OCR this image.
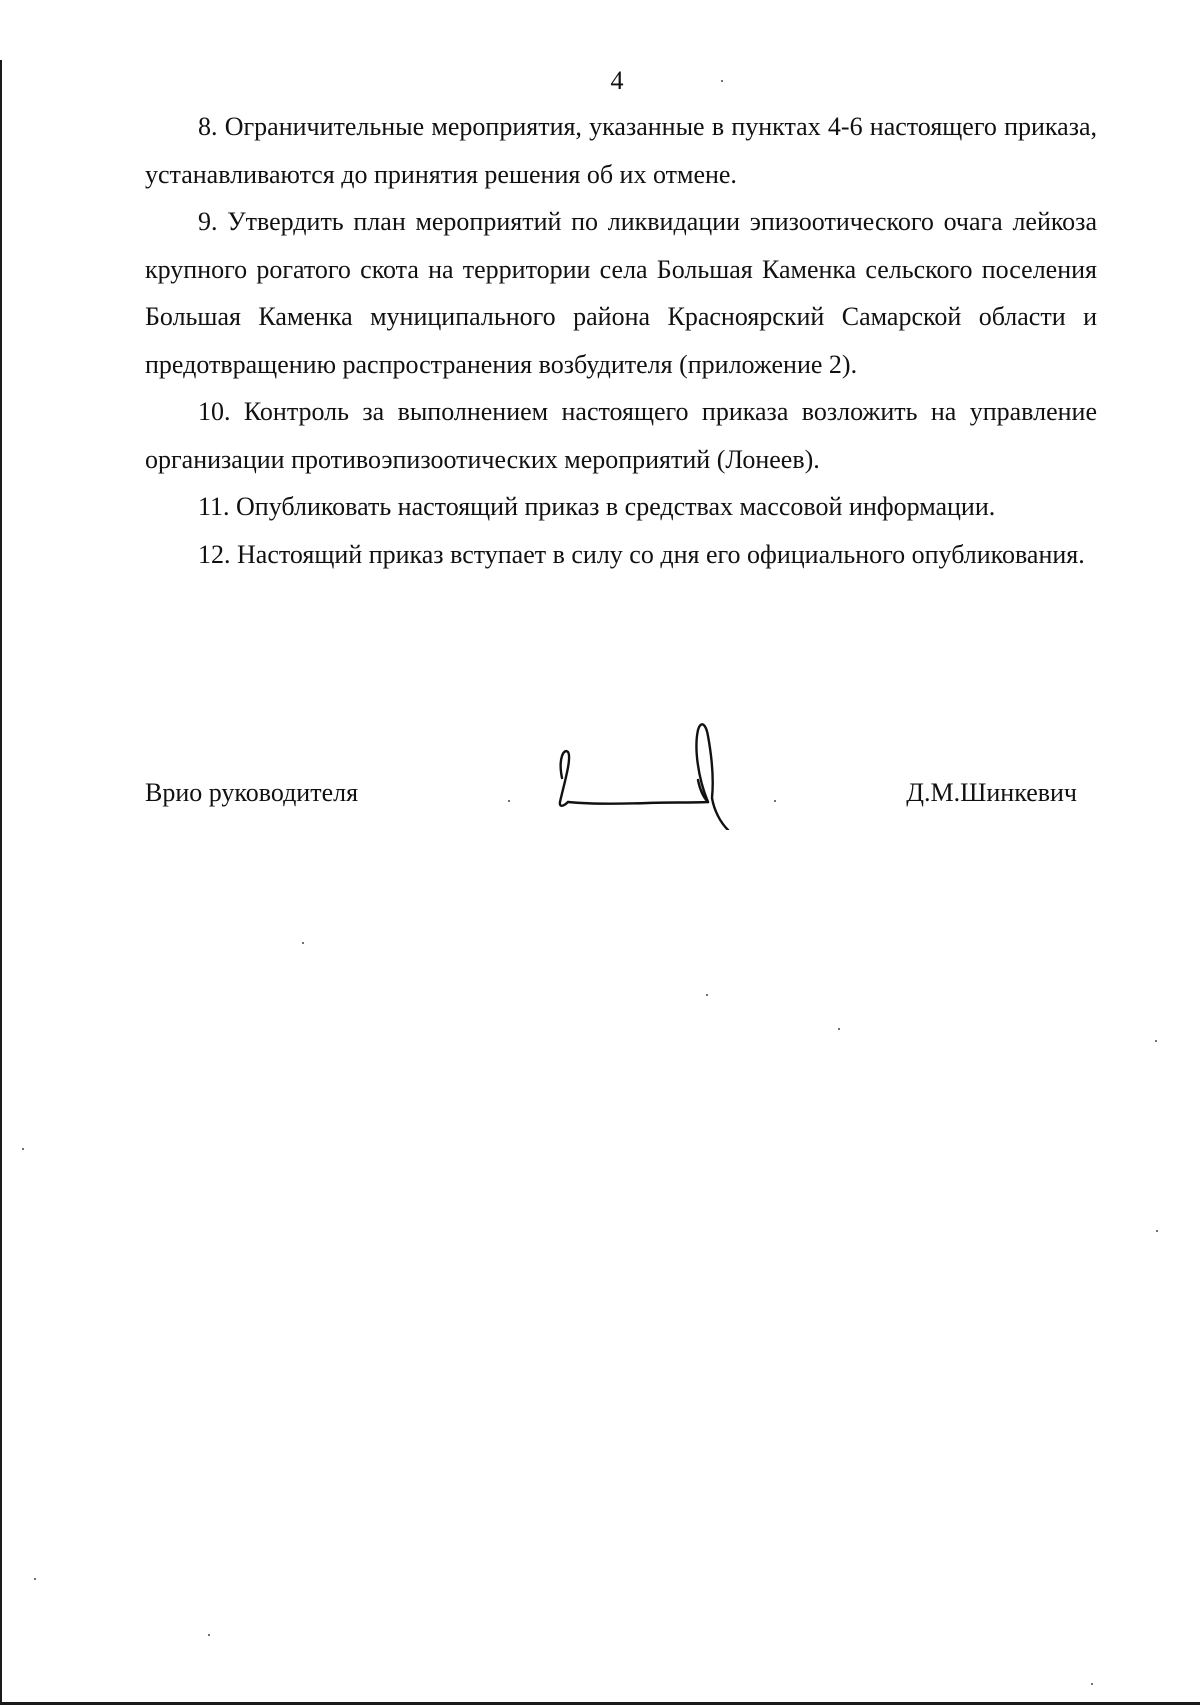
4

8. Ограничительные мероприятия, указанные в пунктах 4-6 настоящего приказа, устанавливаются до принятия решения об их отмене.

9. Утвердить план мероприятий по ликвидации эпизоотического очага лейкоза крупного рогатого скота на территории села Большая Каменка сельского поселения Большая Каменка муниципального района Красноярский Самарской области и предотвращению распространения возбудителя (приложение 2).

10. Контроль за выполнением настоящего приказа возложить на управление организации противоэпизоотических мероприятий (Лонеев).

11. Опубликовать настоящий приказ в средствах массовой информации.

12. Настоящий приказ вступает в силу со дня его официального опубликования.

Врио руководителя	Д.М.Шинкевич
